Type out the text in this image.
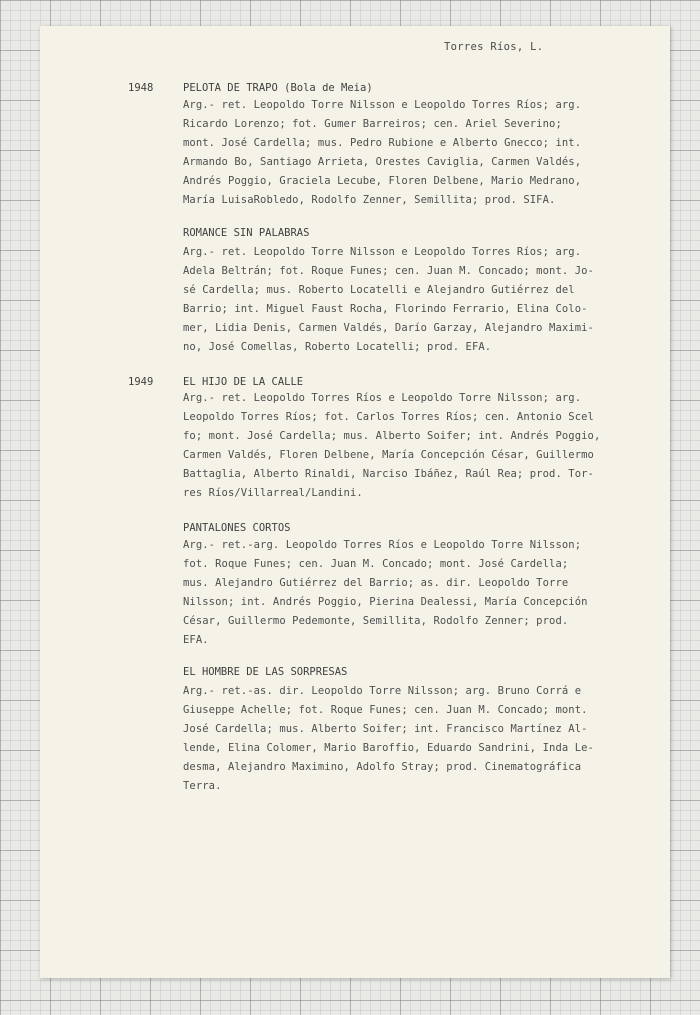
Torres Ríos, L.
1948	PELOTA DE TRAPO (Bola de Meia)
Arg.- ret. Leopoldo Torre Nilsson e Leopoldo Torres Ríos; arg.
Ricardo Lorenzo; fot. Gumer Barreiros; cen. Ariel Severino;
mont. José Cardella; mus. Pedro Rubione e Alberto Gnecco; int.
Armando Bo, Santiago Arrieta, Orestes Caviglia, Carmen Valdés,
Andrés Poggio, Graciela Lecube, Floren Delbene, Mario Medrano,
María LuisaRobledo, Rodolfo Zenner, Semillita; prod. SIFA.
ROMANCE SIN PALABRAS
Arg.- ret. Leopoldo Torre Nilsson e Leopoldo Torres Ríos; arg.
Adela Beltrán; fot. Roque Funes; cen. Juan M. Concado; mont. Jo-
sé Cardella; mus. Roberto Locatelli e Alejandro Gutiérrez del
Barrio; int. Miguel Faust Rocha, Florindo Ferrario, Elina Colo-
mer, Lidia Denis, Carmen Valdés, Darío Garzay, Alejandro Maximi-
no, José Comellas, Roberto Locatelli; prod. EFA.
1949	EL HIJO DE LA CALLE
Arg.- ret. Leopoldo Torres Ríos e Leopoldo Torre Nilsson; arg.
Leopoldo Torres Ríos; fot. Carlos Torres Ríos; cen. Antonio Scel
fo; mont. José Cardella; mus. Alberto Soifer; int. Andrés Poggio,
Carmen Valdés, Floren Delbene, María Concepción César, Guillermo
Battaglia, Alberto Rinaldi, Narciso Ibáñez, Raúl Rea; prod. Tor-
res Ríos/Villarreal/Landini.
PANTALONES CORTOS
Arg.- ret.-arg. Leopoldo Torres Ríos e Leopoldo Torre Nilsson;
fot. Roque Funes; cen. Juan M. Concado; mont. José Cardella;
mus. Alejandro Gutiérrez del Barrio; as. dir. Leopoldo Torre
Nilsson; int. Andrés Poggio, Pierina Dealessi, María Concepción
César, Guillermo Pedemonte, Semillita, Rodolfo Zenner; prod.
EFA.
EL HOMBRE DE LAS SORPRESAS
Arg.- ret.-as. dir. Leopoldo Torre Nilsson; arg. Bruno Corrá e
Giuseppe Achelle; fot. Roque Funes; cen. Juan M. Concado; mont.
José Cardella; mus. Alberto Soifer; int. Francisco Martínez Al-
lende, Elina Colomer, Mario Baroffio, Eduardo Sandrini, Inda Le-
desma, Alejandro Maximino, Adolfo Stray; prod. Cinematográfica
Terra.
